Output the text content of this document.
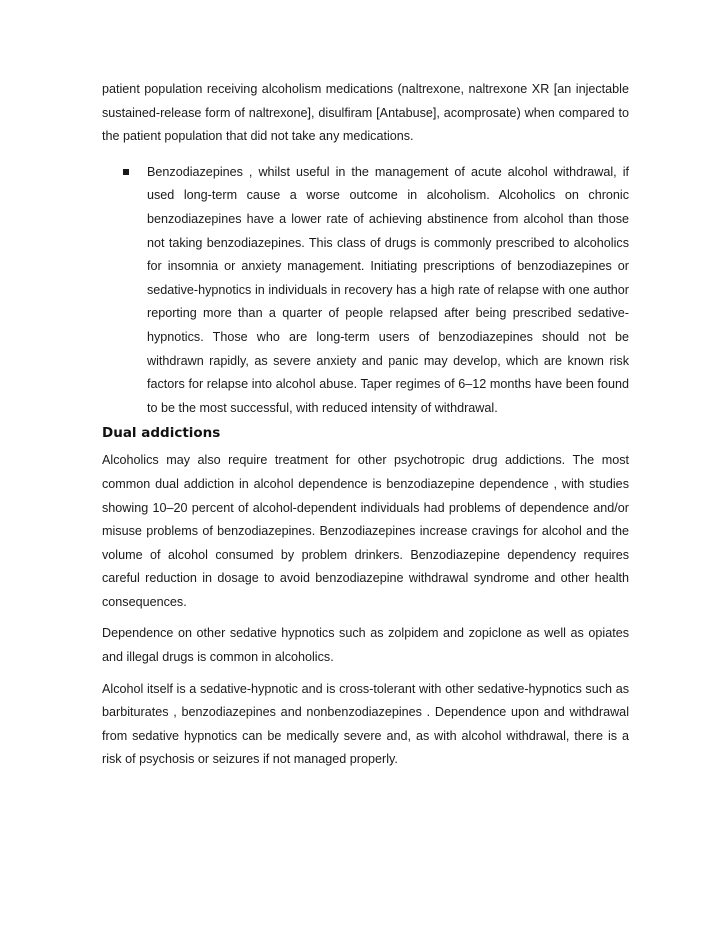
patient population receiving alcoholism medications (naltrexone, naltrexone XR [an injectable sustained-release form of naltrexone], disulfiram [Antabuse], acomprosate) when compared to the patient population that did not take any medications.

Benzodiazepines , whilst useful in the management of acute alcohol withdrawal, if used long-term cause a worse outcome in alcoholism. Alcoholics on chronic benzodiazepines have a lower rate of achieving abstinence from alcohol than those not taking benzodiazepines. This class of drugs is commonly prescribed to alcoholics for insomnia or anxiety management. Initiating prescriptions of benzodiazepines or sedative-hypnotics in individuals in recovery has a high rate of relapse with one author reporting more than a quarter of people relapsed after being prescribed sedative-hypnotics. Those who are long-term users of benzodiazepines should not be withdrawn rapidly, as severe anxiety and panic may develop, which are known risk factors for relapse into alcohol abuse. Taper regimes of 6–12 months have been found to be the most successful, with reduced intensity of withdrawal.
Dual addictions

Alcoholics may also require treatment for other psychotropic drug addictions. The most common dual addiction in alcohol dependence is benzodiazepine dependence , with studies showing 10–20 percent of alcohol-dependent individuals had problems of dependence and/or misuse problems of benzodiazepines. Benzodiazepines increase cravings for alcohol and the volume of alcohol consumed by problem drinkers. Benzodiazepine dependency requires careful reduction in dosage to avoid benzodiazepine withdrawal syndrome and other health consequences.

Dependence on other sedative hypnotics such as zolpidem and zopiclone as well as opiates and illegal drugs is common in alcoholics.

Alcohol itself is a sedative-hypnotic and is cross-tolerant with other sedative-hypnotics such as barbiturates , benzodiazepines and nonbenzodiazepines . Dependence upon and withdrawal from sedative hypnotics can be medically severe and, as with alcohol withdrawal, there is a risk of psychosis or seizures if not managed properly.
